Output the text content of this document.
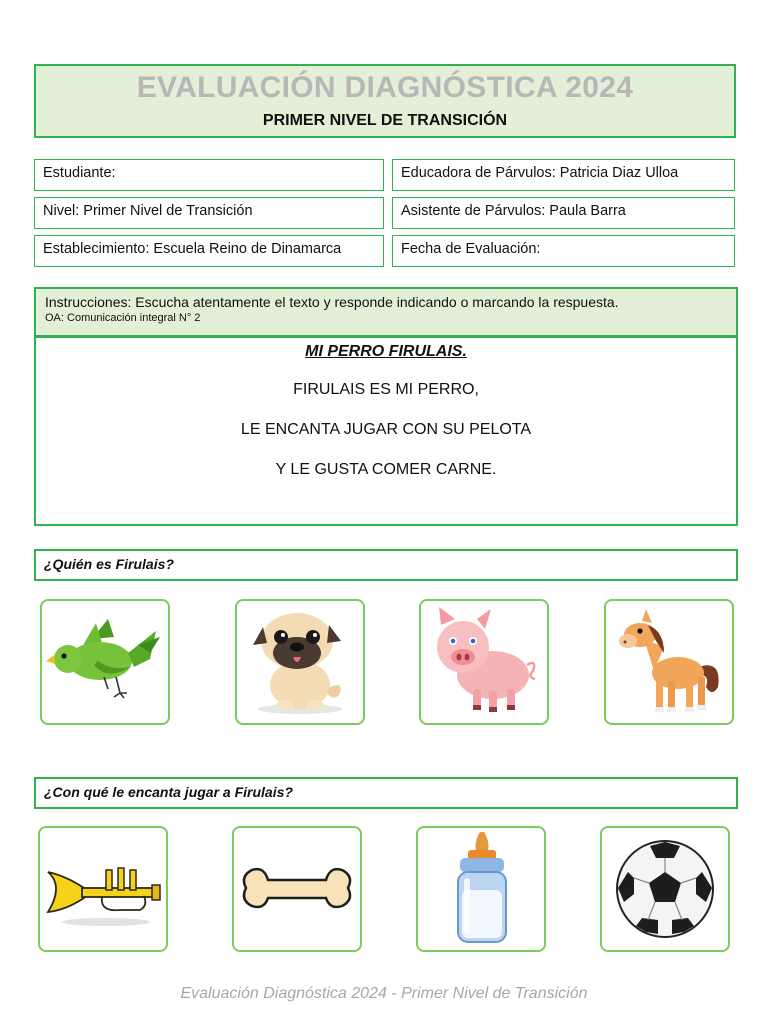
EVALUACIÓN DIAGNÓSTICA 2024
PRIMER NIVEL DE TRANSICIÓN
Estudiante:	Educadora de Párvulos: Patricia Diaz Ulloa
Nivel: Primer Nivel de Transición	Asistente de Párvulos: Paula Barra
Establecimiento: Escuela Reino de Dinamarca	Fecha de Evaluación:
Instrucciones: Escucha atentamente el texto y responde indicando o marcando la respuesta.
OA: Comunicación integral N° 2
MI PERRO FIRULAIS.
FIRULAIS ES MI PERRO,
LE ENCANTA JUGAR CON SU PELOTA
Y LE GUSTA COMER CARNE.
¿Quién es Firulais?
¿Con qué le encanta jugar a Firulais?
Evaluación Diagnóstica 2024 - Primer Nivel de Transición
